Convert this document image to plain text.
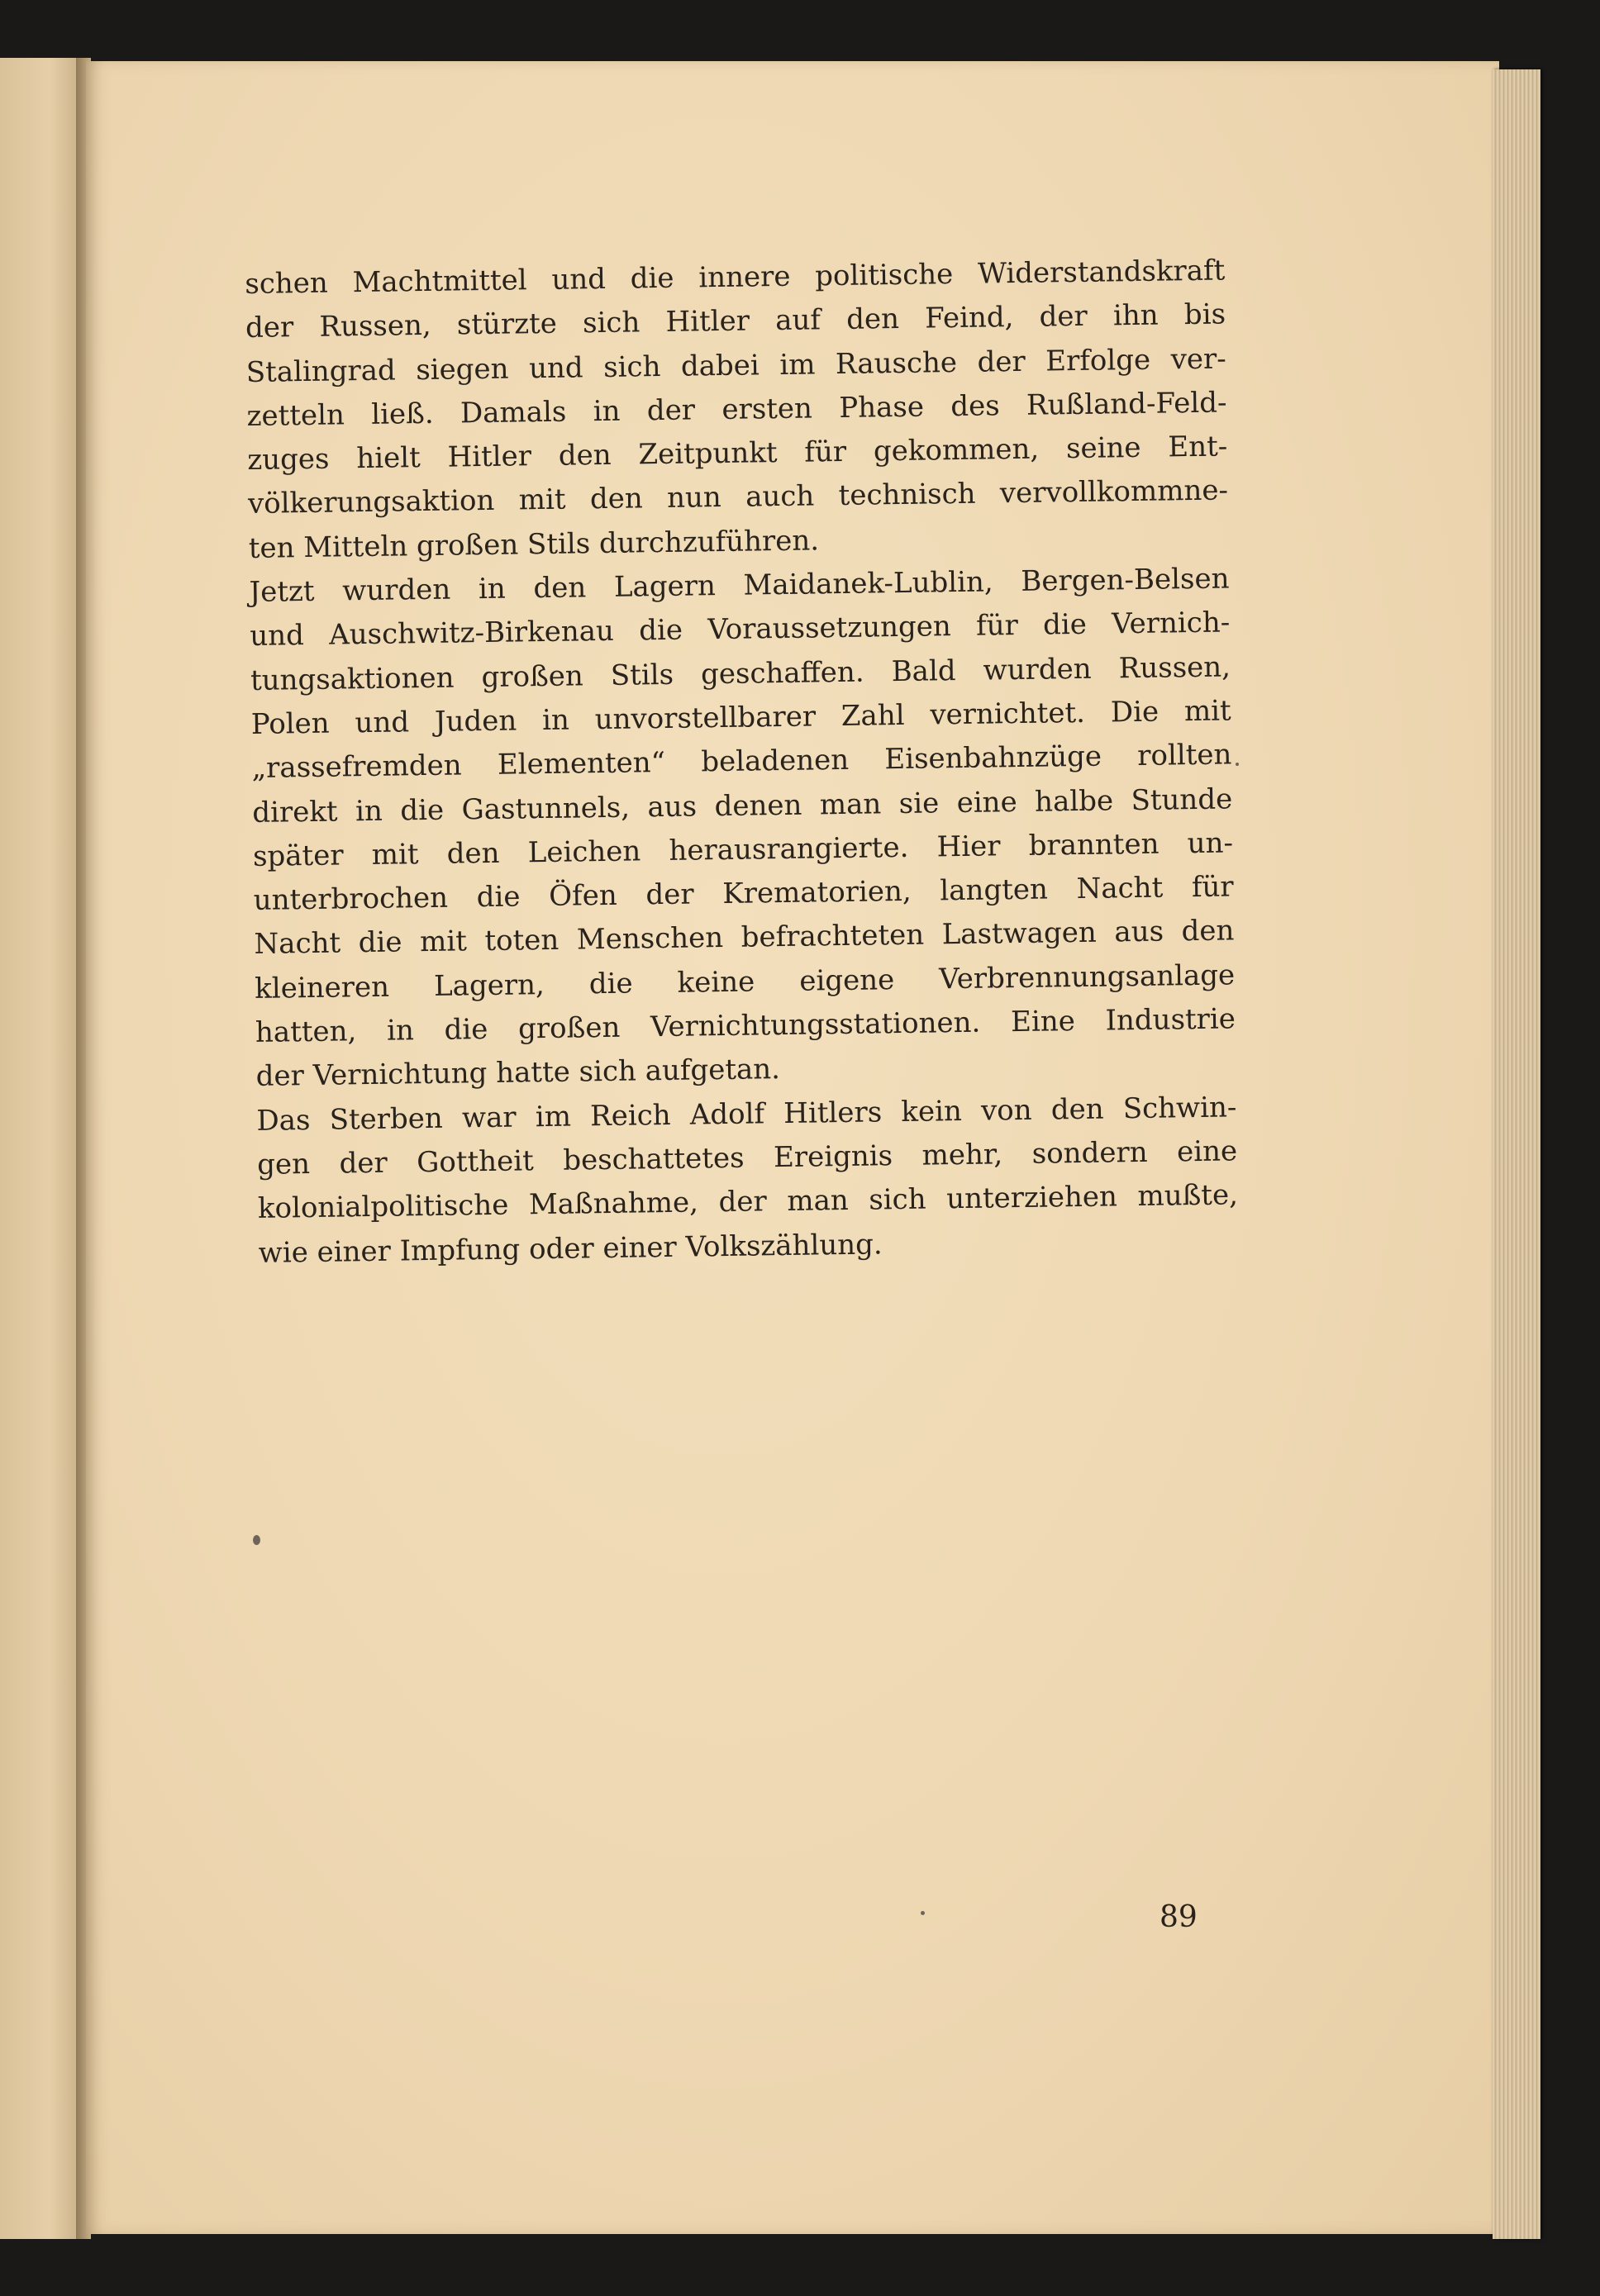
schen Machtmittel und die innere politische Widerstandskraft
der Russen, stürzte sich Hitler auf den Feind, der ihn bis
Stalingrad siegen und sich dabei im Rausche der Erfolge ver-
zetteln ließ. Damals in der ersten Phase des Rußland-Feld-
zuges hielt Hitler den Zeitpunkt für gekommen, seine Ent-
völkerungsaktion mit den nun auch technisch vervollkommne-
ten Mitteln großen Stils durchzuführen.
Jetzt wurden in den Lagern Maidanek-Lublin, Bergen-Belsen
und Auschwitz-Birkenau die Voraussetzungen für die Vernich-
tungsaktionen großen Stils geschaffen. Bald wurden Russen,
Polen und Juden in unvorstellbarer Zahl vernichtet. Die mit
„rassefremden Elementen“ beladenen Eisenbahnzüge rollten
direkt in die Gastunnels, aus denen man sie eine halbe Stunde
später mit den Leichen herausrangierte. Hier brannten un-
unterbrochen die Öfen der Krematorien, langten Nacht für
Nacht die mit toten Menschen befrachteten Lastwagen aus den
kleineren Lagern, die keine eigene Verbrennungsanlage
hatten, in die großen Vernichtungsstationen. Eine Industrie
der Vernichtung hatte sich aufgetan.
Das Sterben war im Reich Adolf Hitlers kein von den Schwin-
gen der Gottheit beschattetes Ereignis mehr, sondern eine
kolonialpolitische Maßnahme, der man sich unterziehen mußte,
wie einer Impfung oder einer Volkszählung.
89
